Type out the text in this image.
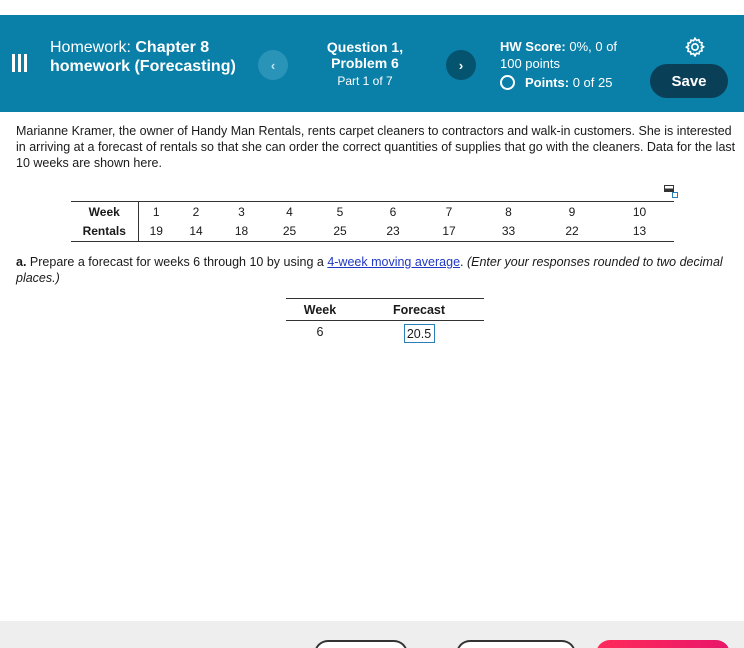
Homework: Chapter 8 homework (Forecasting)	‹
Question 1, Problem 6
Part 1 of 7
›
HW Score: 0%, 0 of 100 points
Points:
0 of 25	Save
Marianne Kramer, the owner of Handy Man Rentals, rents carpet cleaners to contractors and walk-in customers. She is interested in arriving at a forecast of rentals so that she can order the correct quantities of supplies that go with the cleaners. Data for the last 10 weeks are shown here.
Week	1	2	3	4	5	6	7	8	9	10
Rentals	19	14	18	25	25	23	17	33	22	13
a. Prepare a forecast for weeks 6 through 10 by using a 4-week moving average. (Enter your responses rounded to two decimal places.)
Week	Forecast
6	20.5
